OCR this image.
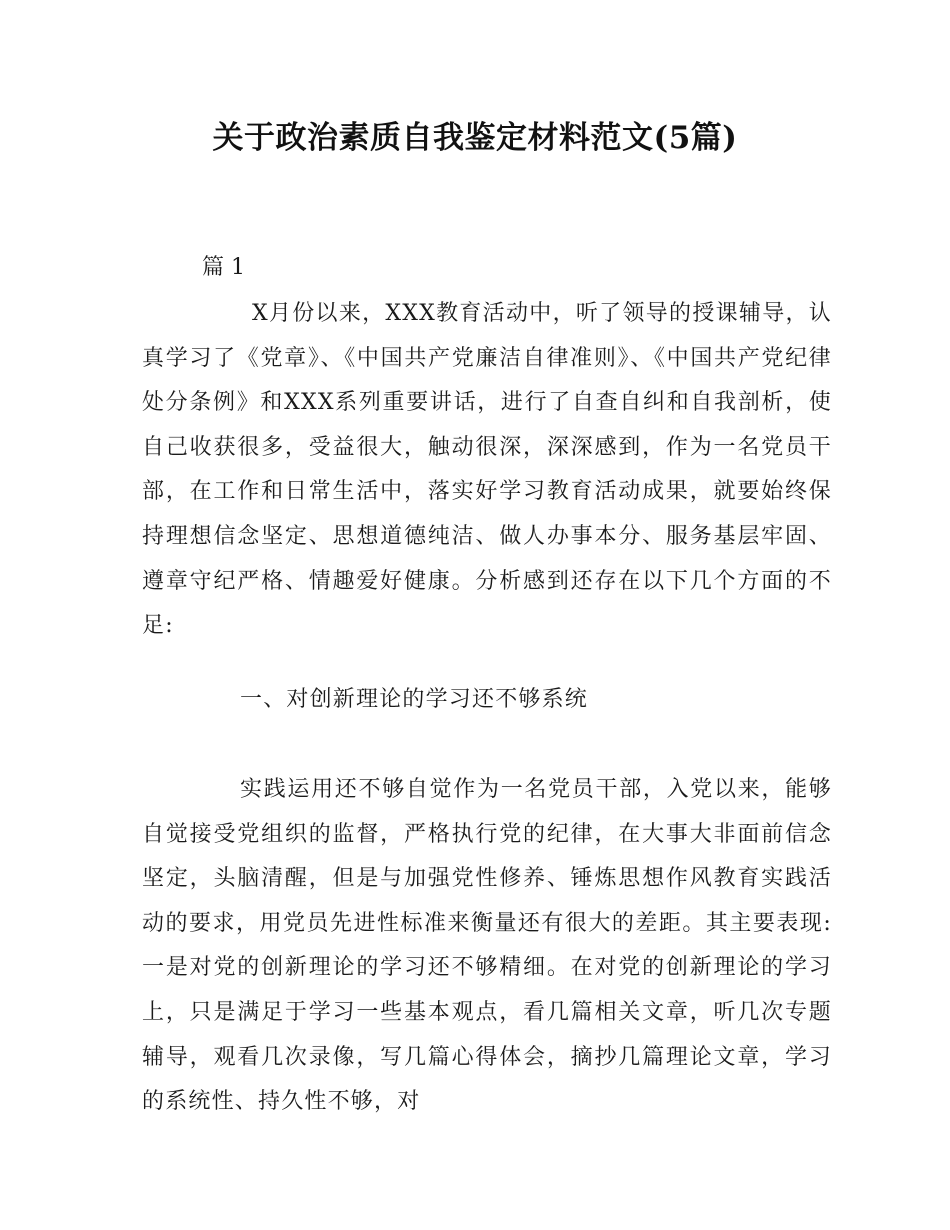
关于政治素质自我鉴定材料范文(5篇)

篇 1

X月份以来，XXX教育活动中，听了领导的授课辅导，认真学习了《党章》、《中国共产党廉洁自律准则》、《中国共产党纪律处分条例》和XXX系列重要讲话，进行了自查自纠和自我剖析，使自己收获很多，受益很大，触动很深，深深感到，作为一名党员干部，在工作和日常生活中，落实好学习教育活动成果，就要始终保持理想信念坚定、思想道德纯洁、做人办事本分、服务基层牢固、遵章守纪严格、情趣爱好健康。分析感到还存在以下几个方面的不足:

一、对创新理论的学习还不够系统

实践运用还不够自觉作为一名党员干部，入党以来，能够自觉接受党组织的监督，严格执行党的纪律，在大事大非面前信念坚定，头脑清醒，但是与加强党性修养、锤炼思想作风教育实践活动的要求，用党员先进性标准来衡量还有很大的差距。其主要表现: 一是对党的创新理论的学习还不够精细。在对党的创新理论的学习上，只是满足于学习一些基本观点，看几篇相关文章，听几次专题辅导，观看几次录像，写几篇心得体会，摘抄几篇理论文章，学习的系统性、持久性不够，对
